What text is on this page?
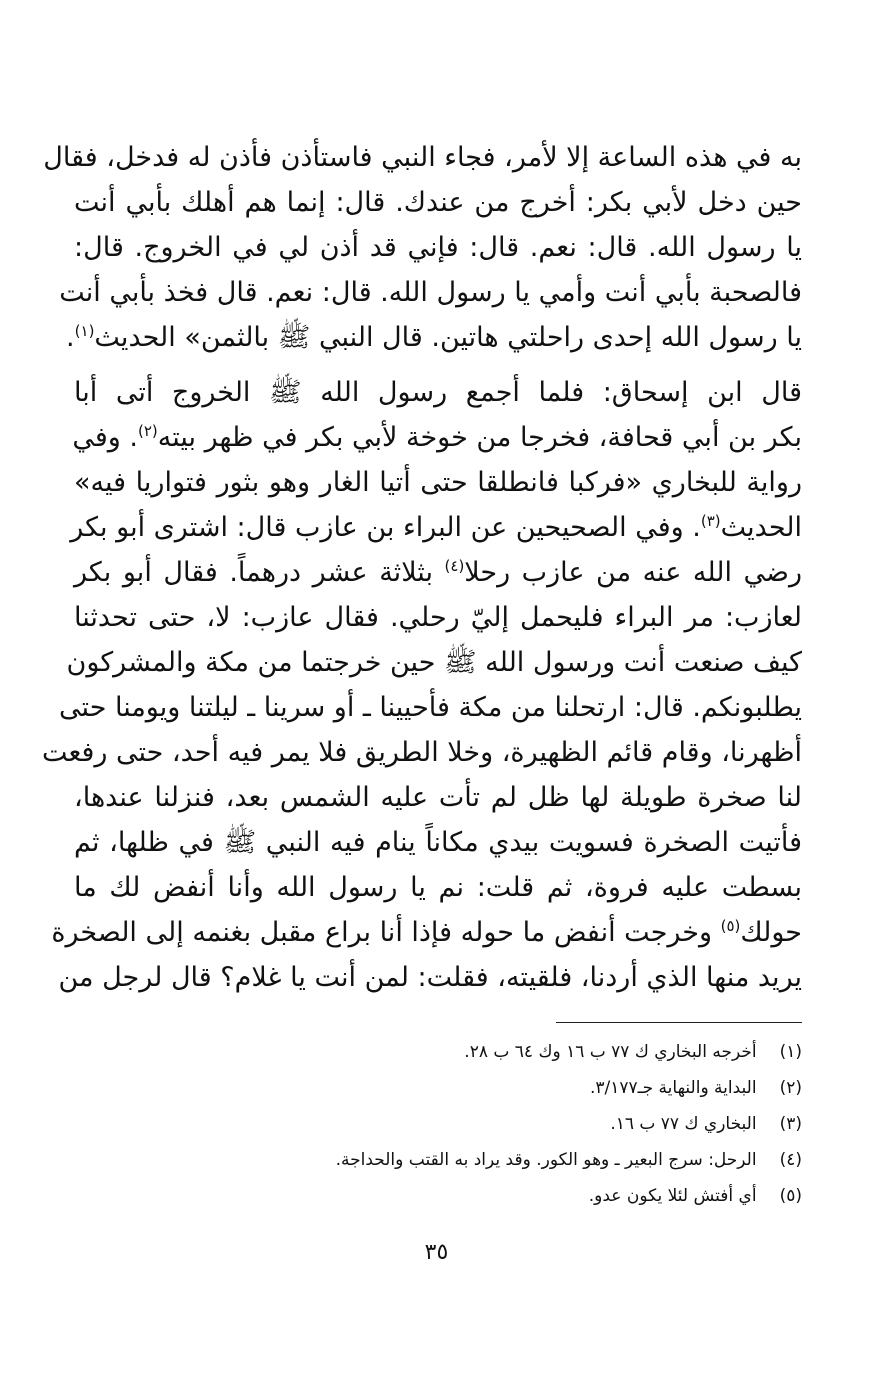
به في هذه الساعة إلا لأمر، فجاء النبي فاستأذن فأذن له فدخل، فقال
حين دخل لأبي بكر: أخرج من عندك. قال: إنما هم أهلك بأبي أنت
يا رسول الله. قال: نعم. قال: فإني قد أذن لي في الخروج. قال:
فالصحبة بأبي أنت وأمي يا رسول الله. قال: نعم. قال فخذ بأبي أنت
يا رسول الله إحدى راحلتي هاتين. قال النبي ﷺ بالثمن» الحديث$^{(١)}$.
قال ابن إسحاق: فلما أجمع رسول الله ﷺ الخروج أتى أبا
بكر بن أبي قحافة، فخرجا من خوخة لأبي بكر في ظهر بيته$^{(٢)}$. وفي
رواية للبخاري «فركبا فانطلقا حتى أتيا الغار وهو بثور فتواريا فيه»
الحديث$^{(٣)}$. وفي الصحيحين عن البراء بن عازب قال: اشترى أبو بكر
رضي الله عنه من عازب رحلا$^{(٤)}$ بثلاثة عشر درهماً. فقال أبو بكر
لعازب: مر البراء فليحمل إليّ رحلي. فقال عازب: لا، حتى تحدثنا
كيف صنعت أنت ورسول الله ﷺ حين خرجتما من مكة والمشركون
يطلبونكم. قال: ارتحلنا من مكة فأحيينا ـ أو سرينا ـ ليلتنا ويومنا حتى
أظهرنا، وقام قائم الظهيرة، وخلا الطريق فلا يمر فيه أحد، حتى رفعت
لنا صخرة طويلة لها ظل لم تأت عليه الشمس بعد، فنزلنا عندها،
فأتيت الصخرة فسويت بيدي مكاناً ينام فيه النبي ﷺ في ظلها، ثم
بسطت عليه فروة، ثم قلت: نم يا رسول الله وأنا أنفض لك ما
حولك$^{(٥)}$ وخرجت أنفض ما حوله فإذا أنا براع مقبل بغنمه إلى الصخرة
يريد منها الذي أردنا، فلقيته، فقلت: لمن أنت يا غلام؟ قال لرجل من
(١) أخرجه البخاري ك ٧٧ ب ١٦ وك ٦٤ ب ٢٨.
(٢) البداية والنهاية جـ٣/١٧٧.
(٣) البخاري ك ٧٧ ب ١٦.
(٤) الرحل: سرج البعير ـ وهو الكور. وقد يراد به القتب والحداجة.
(٥) أي أفتش لئلا يكون عدو.
٣٥
